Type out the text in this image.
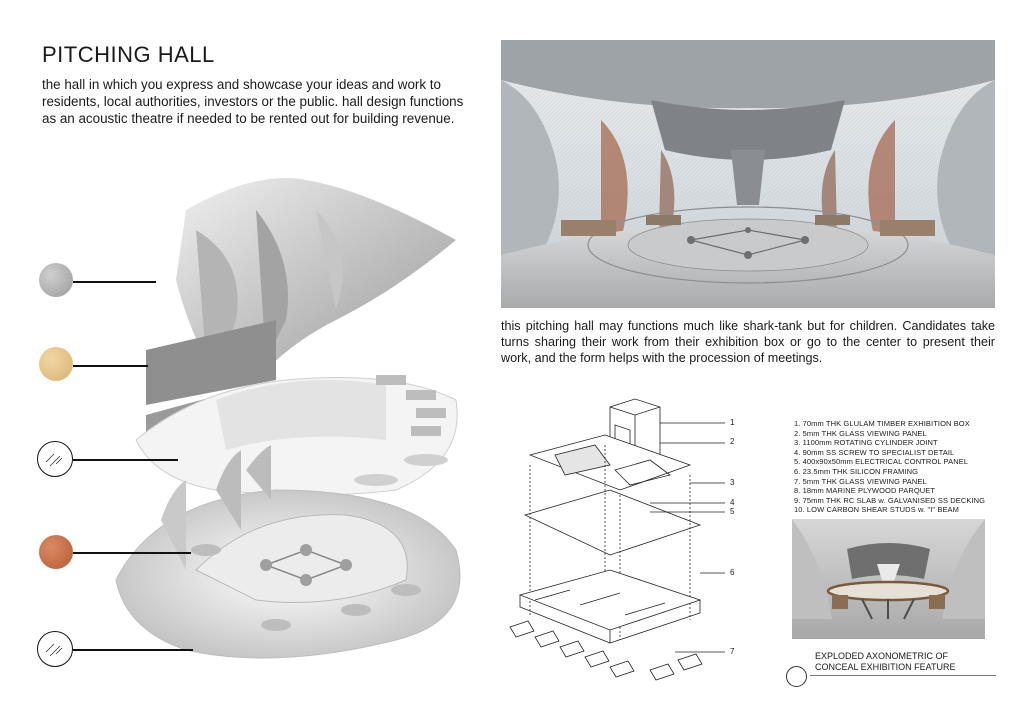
PITCHING HALL

the hall in which you express and showcase your ideas and work to residents, local authorities, investors or the public. hall design functions as an acoustic theatre if needed to be rented out for building revenue.

this pitching hall may functions much like shark-tank but for children. Candidates take turns sharing their work from their exhibition box or go to the center to present their work, and the form helps with the procession of meetings.

1
2
3
4
5
6
7
1. 70mm THK GLULAM TIMBER EXHIBITION BOX
2. 5mm THK GLASS VIEWING PANEL
3. 1100mm ROTATING CYLINDER JOINT
4. 90mm SS SCREW TO SPECIALIST DETAIL
5. 400x90x50mm ELECTRICAL CONTROL PANEL
6. 23.5mm THK SILICON FRAMING
7. 5mm THK GLASS VIEWING PANEL
8. 18mm MARINE PLYWOOD PARQUET
9. 75mm THK RC SLAB w. GALVANISED SS DECKING
10. LOW CARBON SHEAR STUDS w. "I" BEAM
EXPLODED AXONOMETRIC OF
CONCEAL EXHIBITION FEATURE
